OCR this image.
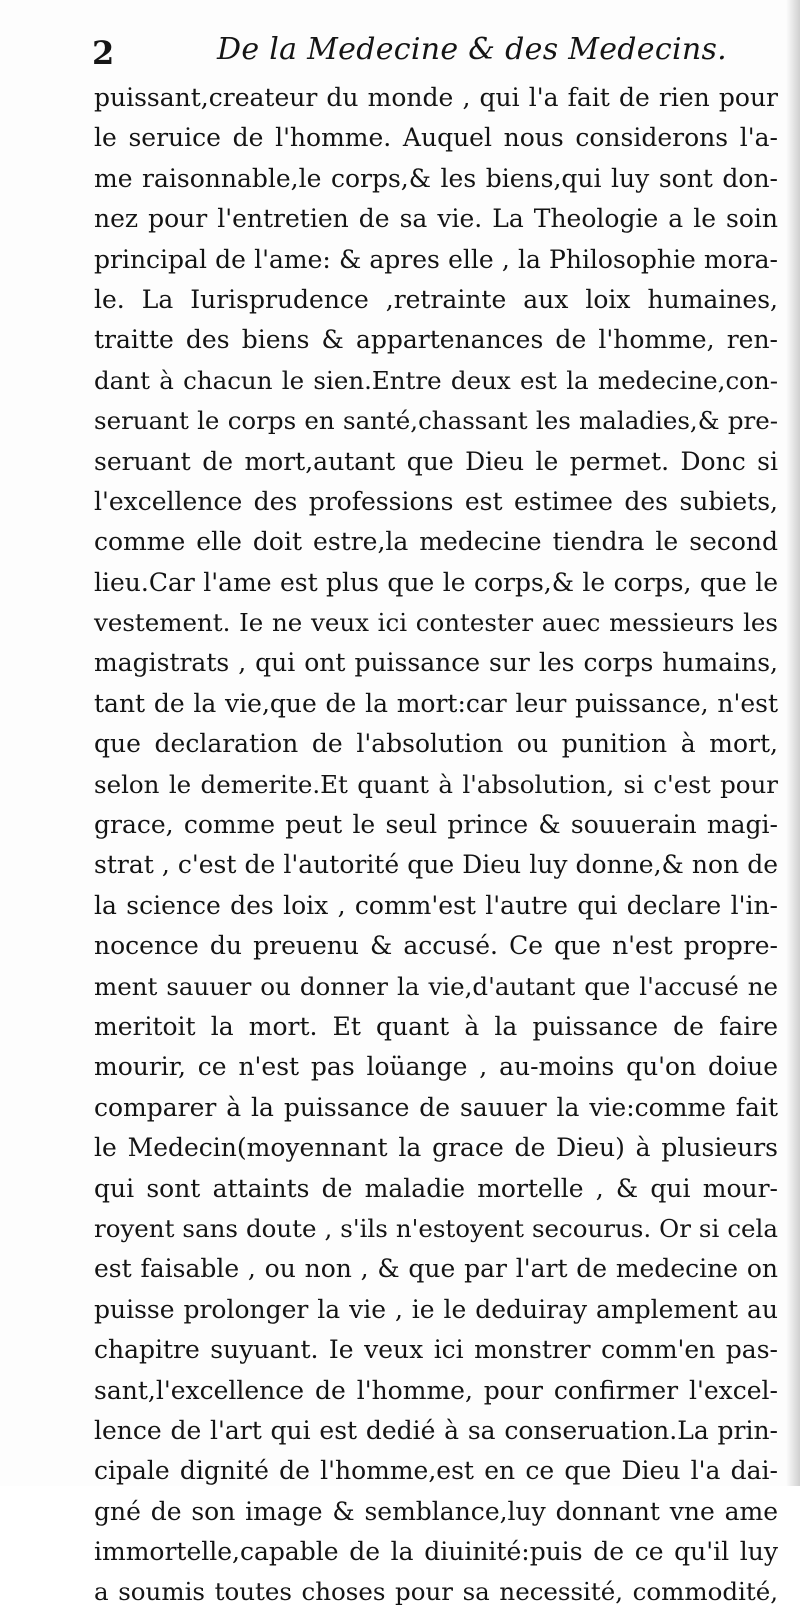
2	De la Medecine & des Medecins.
puissant,createur du monde , qui l'a fait de rien pour
le seruice de l'homme. Auquel nous considerons l'a-
me raisonnable,le corps,& les biens,qui luy sont don-
nez pour l'entretien de sa vie. La Theologie a le soin
principal de l'ame: & apres elle , la Philosophie mora-
le. La Iurisprudence ,retrainte aux loix humaines,
traitte des biens & appartenances de l'homme, ren-
dant à chacun le sien.Entre deux est la medecine,con-
seruant le corps en santé,chassant les maladies,& pre-
seruant de mort,autant que Dieu le permet. Donc si
l'excellence des professions est estimee des subiets,
comme elle doit estre,la medecine tiendra le second
lieu.Car l'ame est plus que le corps,& le corps, que le
vestement. Ie ne veux ici contester auec messieurs les
magistrats , qui ont puissance sur les corps humains,
tant de la vie,que de la mort:car leur puissance, n'est
que declaration de l'absolution ou punition à mort,
selon le demerite.Et quant à l'absolution, si c'est pour
grace, comme peut le seul prince & souuerain magi-
strat , c'est de l'autorité que Dieu luy donne,& non de
la science des loix , comm'est l'autre qui declare l'in-
nocence du preuenu & accusé. Ce que n'est propre-
ment sauuer ou donner la vie,d'autant que l'accusé ne
meritoit la mort. Et quant à la puissance de faire
mourir, ce n'est pas loüange , au-moins qu'on doiue
comparer à la puissance de sauuer la vie:comme fait
le Medecin(moyennant la grace de Dieu) à plusieurs
qui sont attaints de maladie mortelle , & qui mour-
royent sans doute , s'ils n'estoyent secourus. Or si cela
est faisable , ou non , & que par l'art de medecine on
puisse prolonger la vie , ie le deduiray amplement au
chapitre suyuant. Ie veux ici monstrer comm'en pas-
sant,l'excellence de l'homme, pour confirmer l'excel-
lence de l'art qui est dedié à sa conseruation.La prin-
cipale dignité de l'homme,est en ce que Dieu l'a dai-
gné de son image & semblance,luy donnant vne ame
immortelle,capable de la diuinité:puis de ce qu'il luy
a soumis toutes choses pour sa necessité, commodité,
